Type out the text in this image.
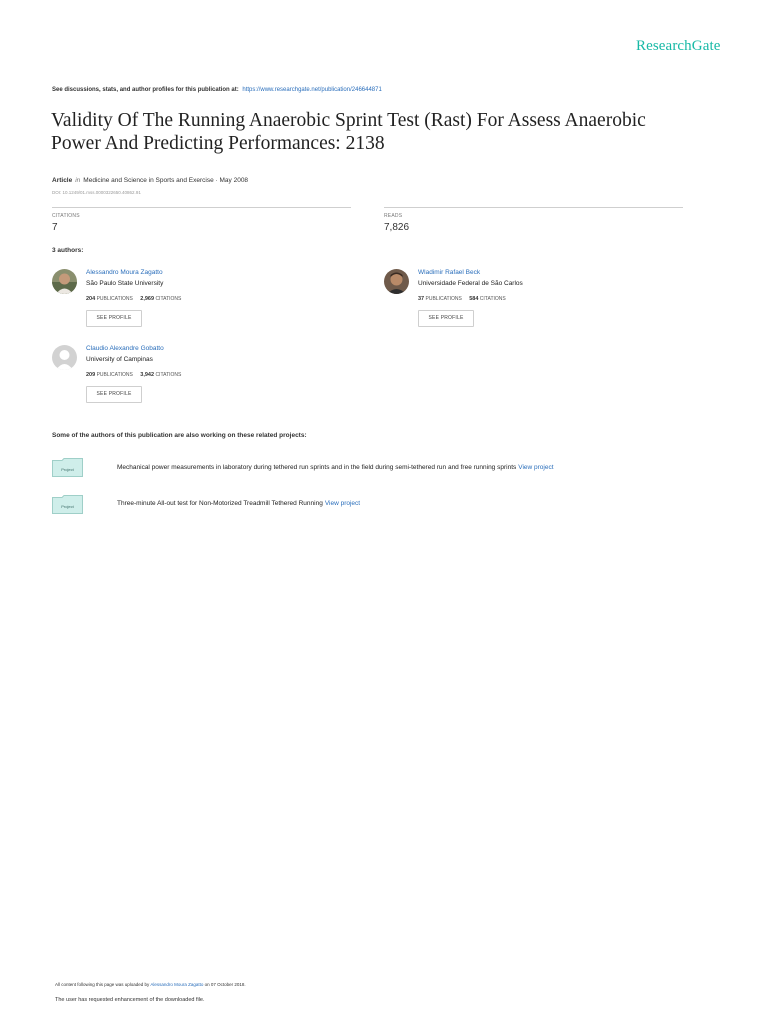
ResearchGate
See discussions, stats, and author profiles for this publication at: https://www.researchgate.net/publication/246644871
Validity Of The Running Anaerobic Sprint Test (Rast) For Assess Anaerobic
Power And Predicting Performances: 2138
Article in Medicine and Science in Sports and Exercise · May 2008
DOI: 10.1249/01.mss.0000322650.40862.91
CITATIONS
7
READS
7,826
3 authors:
Alessandro Moura Zagatto
São Paulo State University
204 PUBLICATIONS 2,969 CITATIONS
SEE PROFILE
Wladimir Rafael Beck
Universidade Federal de São Carlos
37 PUBLICATIONS 584 CITATIONS
SEE PROFILE
Claudio Alexandre Gobatto
University of Campinas
209 PUBLICATIONS 3,942 CITATIONS
SEE PROFILE
Some of the authors of this publication are also working on these related projects:
Project	Mechanical power measurements in laboratory during tethered run sprints and in the field during semi-tethered run and free running sprints View project
Project	Three-minute All-out test for Non-Motorized Treadmill Tethered Running View project
All content following this page was uploaded by Alessandro Moura Zagatto on 07 October 2018.
The user has requested enhancement of the downloaded file.
